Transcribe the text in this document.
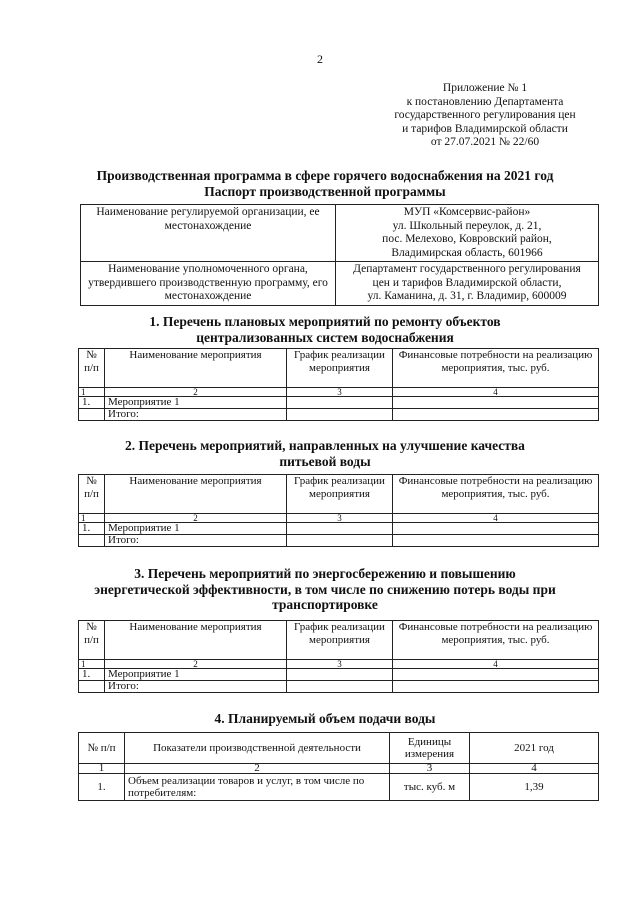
2
Приложение № 1
к постановлению Департамента
государственного регулирования цен
и тарифов Владимирской области
от 27.07.2021 № 22/60
Производственная программа в сфере горячего водоснабжения на 2021 год
Паспорт производственной программы
Наименование регулируемой организации, ее местонахождение	МУП «Комсервис-район»
ул. Школьный переулок, д. 21,
пос. Мелехово, Ковровский район,
Владимирская область, 601966

Наименование уполномоченного органа, утвердившего производственную программу, его местонахождение	Департамент государственного регулирования
цен и тарифов Владимирской области,
ул. Каманина, д. 31, г. Владимир, 600009
1. Перечень плановых мероприятий по ремонту объектов
централизованных систем водоснабжения
№ п/п	Наименование мероприятия	График реализации мероприятия	Финансовые потребности на реализацию мероприятия, тыс. руб.
1	2	3	4
1.	Мероприятие 1		
	Итого:		
2. Перечень мероприятий, направленных на улучшение качества
питьевой воды
№ п/п	Наименование мероприятия	График реализации мероприятия	Финансовые потребности на реализацию мероприятия, тыс. руб.
1	2	3	4
1.	Мероприятие 1		
	Итого:		
3. Перечень мероприятий по энергосбережению и повышению
энергетической эффективности, в том числе по снижению потерь воды при
транспортировке
№ п/п	Наименование мероприятия	График реализации мероприятия	Финансовые потребности на реализацию мероприятия, тыс. руб.
1	2	3	4
1.	Мероприятие 1		
	Итого:		
4. Планируемый объем подачи воды
№ п/п	Показатели производственной деятельности	Единицы измерения	2021 год
1	2	3	4
1.	Объем реализации товаров и услуг, в том числе по потребителям:	тыс. куб. м	1,39
